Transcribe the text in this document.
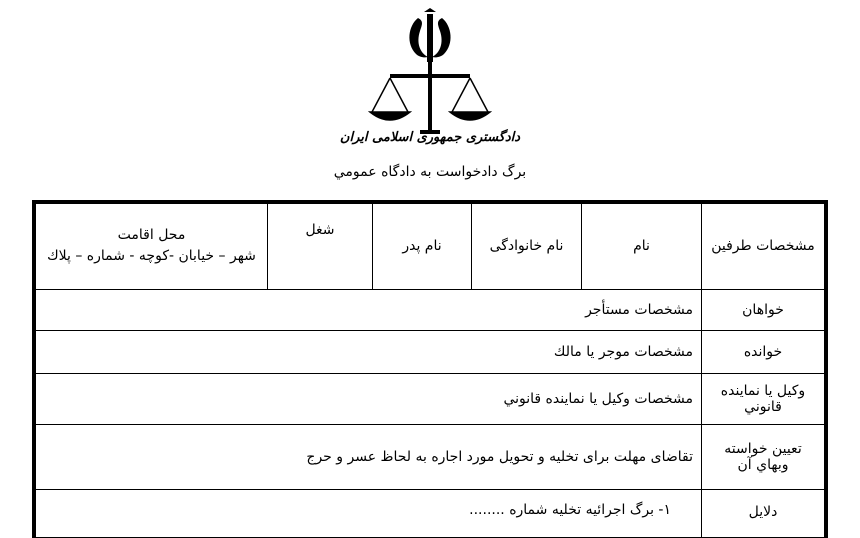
دادگستری جمهوری اسلامی ایران
برگ دادخواست به دادگاه عمومي
مشخصات طرفين	نام	نام خانوادگی	نام پدر	شغل	محل اقامت
شهر – خيابان -كوچه - شماره – پلاك

خواهان	مشخصات مستأجر				
خوانده	مشخصات موجر يا مالك				
وكيل يا نماينده قانوني	مشخصات وكيل يا نماينده قانوني				
تعيين خواسته وبهاي آن	تقاضای مهلت برای تخليه و تحويل مورد اجاره به لحاظ عسر و حرج				
دلايل	۱- برگ اجرائيه تخليه شماره ........				
